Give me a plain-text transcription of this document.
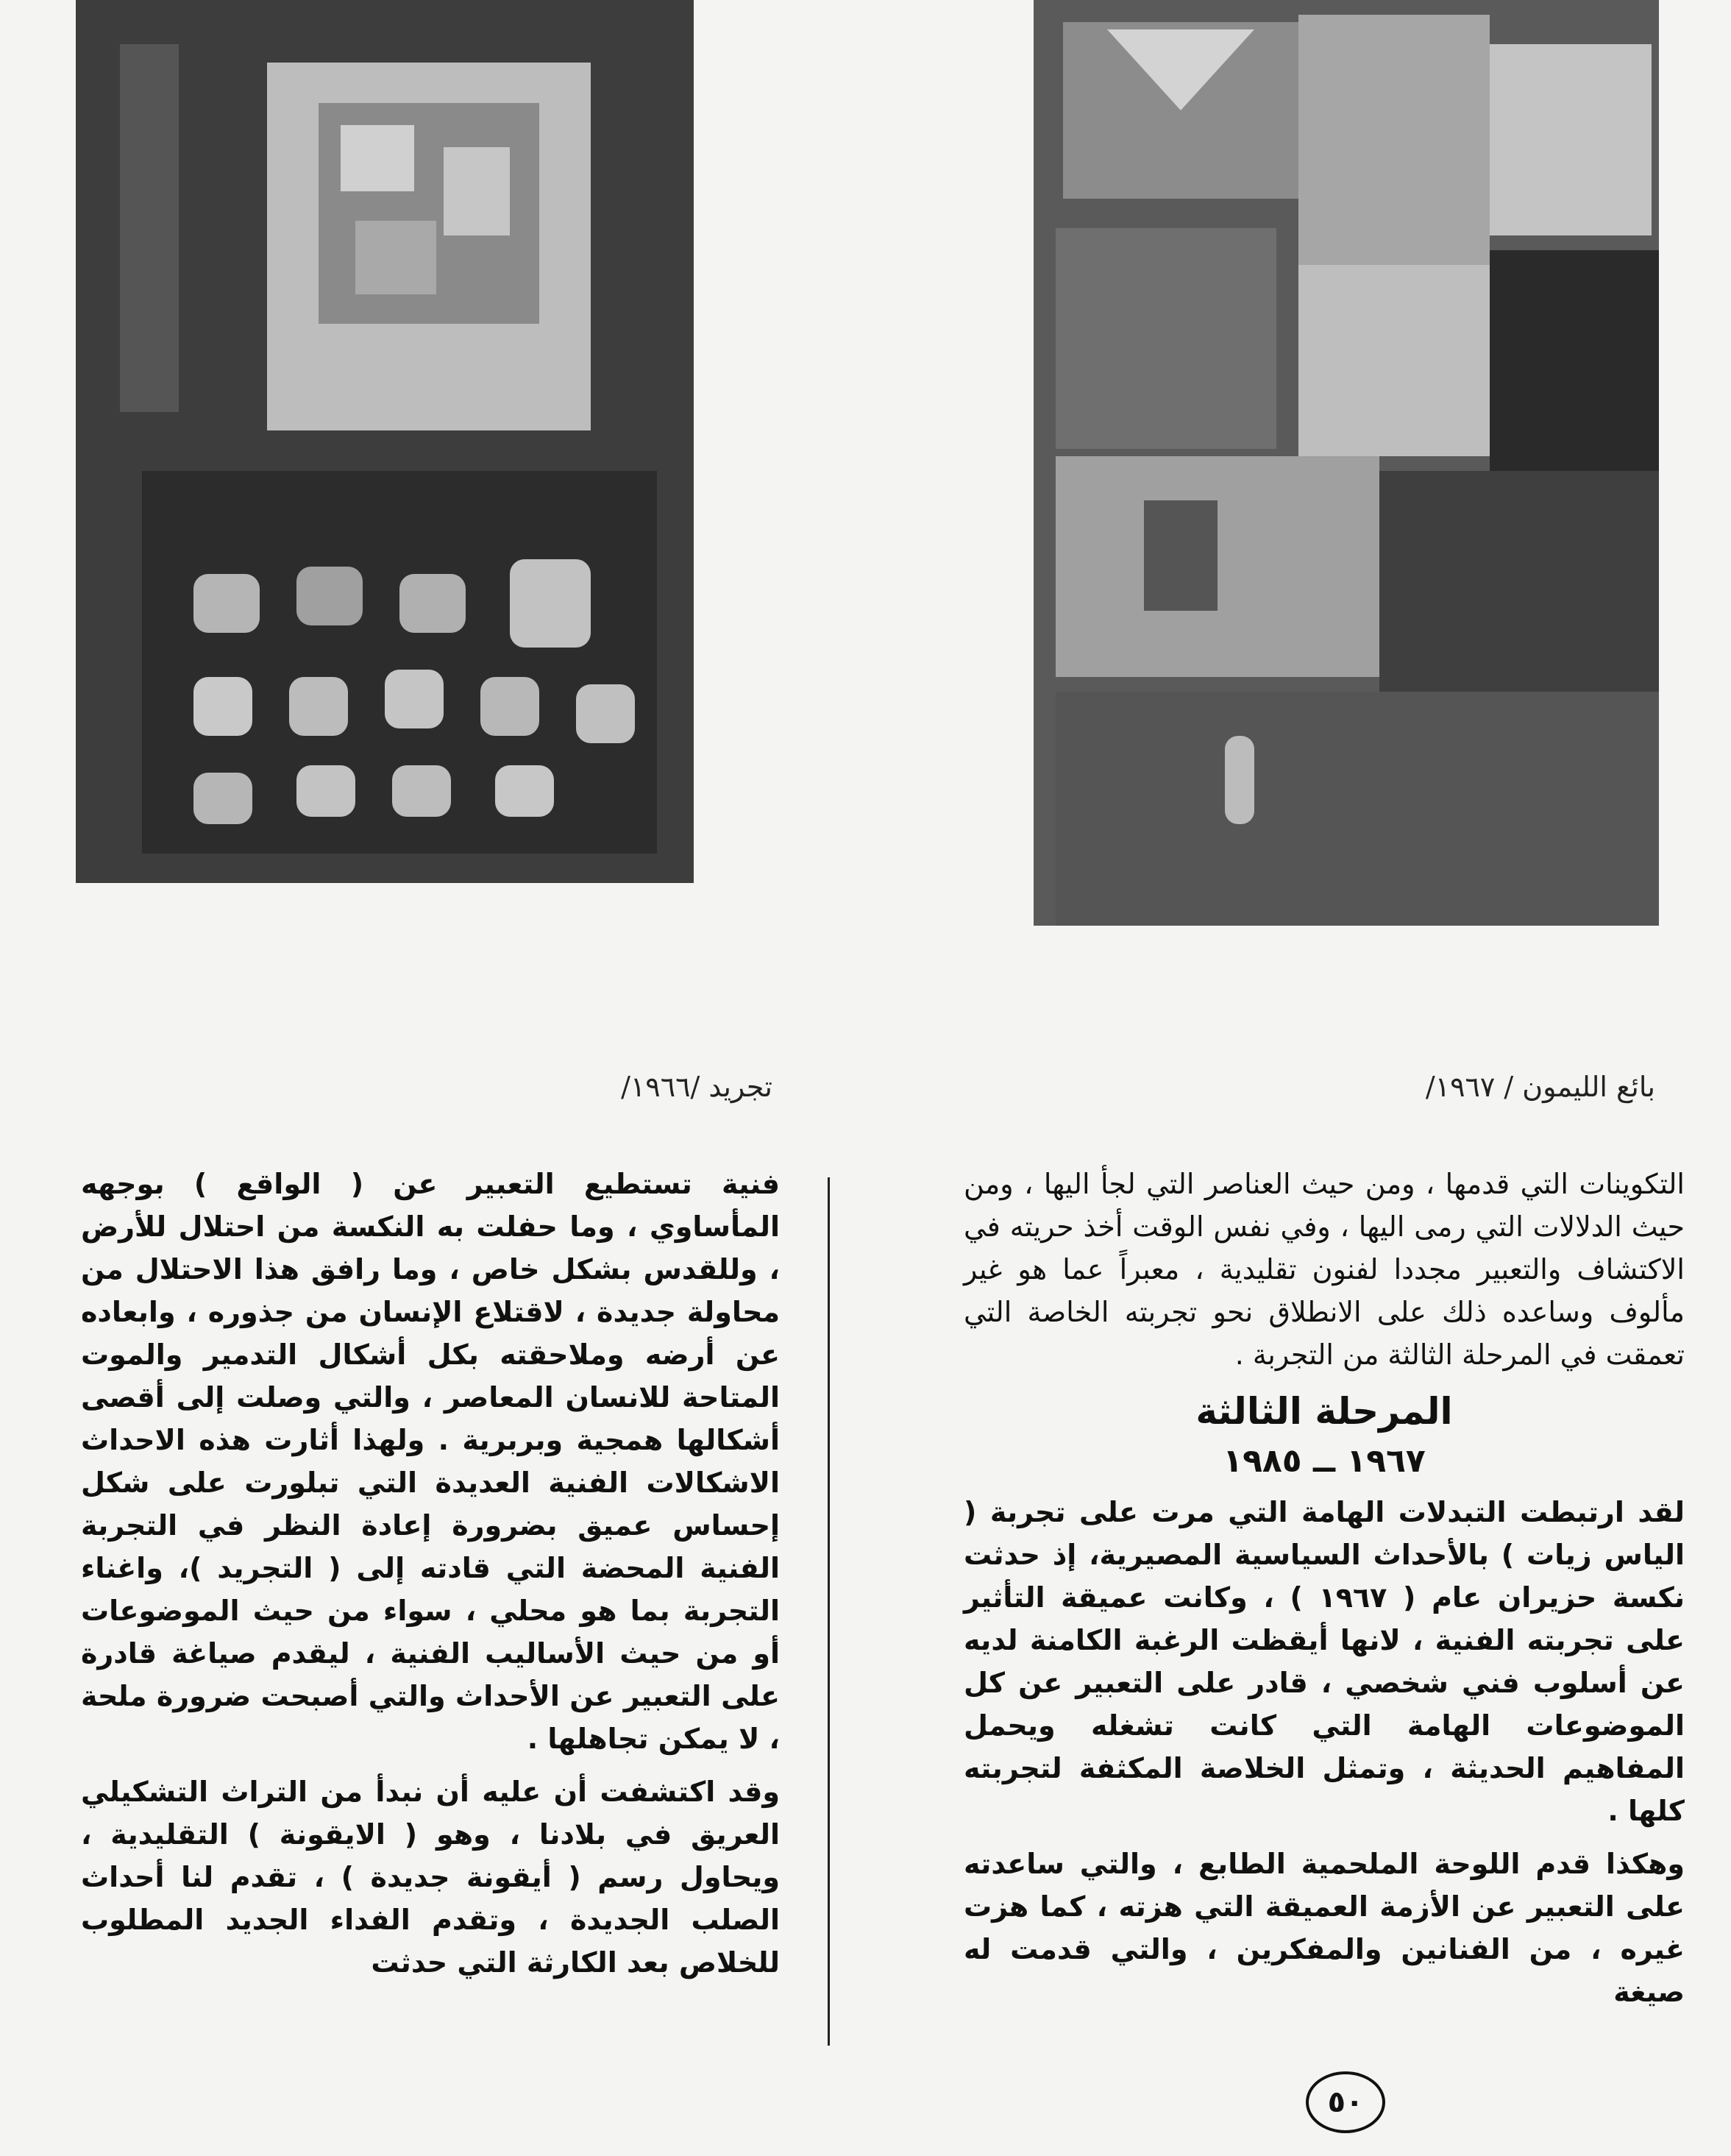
تجريد /١٩٦٦/	بائع الليمون / ١٩٦٧/

التكوينات التي قدمها ، ومن حيث العناصر التي لجأ اليها ، ومن حيث الدلالات التي رمى اليها ، وفي نفس الوقت أخذ حريته في الاكتشاف والتعبير مجددا لفنون تقليدية ، معبراً عما هو غير مألوف وساعده ذلك على الانطلاق نحو تجربته الخاصة التي تعمقت في المرحلة الثالثة من التجربة .

المرحلة الثالثة
١٩٦٧ ــ ١٩٨٥

لقد ارتبطت التبدلات الهامة التي مرت على تجربة ( الياس زيات ) بالأحداث السياسية المصيرية، إذ حدثت نكسة حزيران عام ( ١٩٦٧ ) ، وكانت عميقة التأثير على تجربته الفنية ، لانها أيقظت الرغبة الكامنة لديه عن أسلوب فني شخصي ، قادر على التعبير عن كل الموضوعات الهامة التي كانت تشغله ويحمل المفاهيم الحديثة ، وتمثل الخلاصة المكثفة لتجربته كلها .

وهكذا قدم اللوحة الملحمية الطابع ، والتي ساعدته على التعبير عن الأزمة العميقة التي هزته ، كما هزت غيره ، من الفنانين والمفكرين ، والتي قدمت له صيغة

فنية تستطيع التعبير عن ( الواقع ) بوجهه المأساوي ، وما حفلت به النكسة من احتلال للأرض ، وللقدس بشكل خاص ، وما رافق هذا الاحتلال من محاولة جديدة ، لاقتلاع الإنسان من جذوره ، وابعاده عن أرضه وملاحقته بكل أشكال التدمير والموت المتاحة للانسان المعاصر ، والتي وصلت إلى أقصى أشكالها همجية وبربرية . ولهذا أثارت هذه الاحداث الاشكالات الفنية العديدة التي تبلورت على شكل إحساس عميق بضرورة إعادة النظر في التجربة الفنية المحضة التي قادته إلى ( التجريد )، واغناء التجربة بما هو محلي ، سواء من حيث الموضوعات أو من حيث الأساليب الفنية ، ليقدم صياغة قادرة على التعبير عن الأحداث والتي أصبحت ضرورة ملحة ، لا يمكن تجاهلها .

وقد اكتشفت أن عليه أن نبدأ من التراث التشكيلي العريق في بلادنا ، وهو ( الايقونة ) التقليدية ، ويحاول رسم ( أيقونة جديدة ) ، تقدم لنا أحداث الصلب الجديدة ، وتقدم الفداء الجديد المطلوب للخلاص بعد الكارثة التي حدثت

٥٠
